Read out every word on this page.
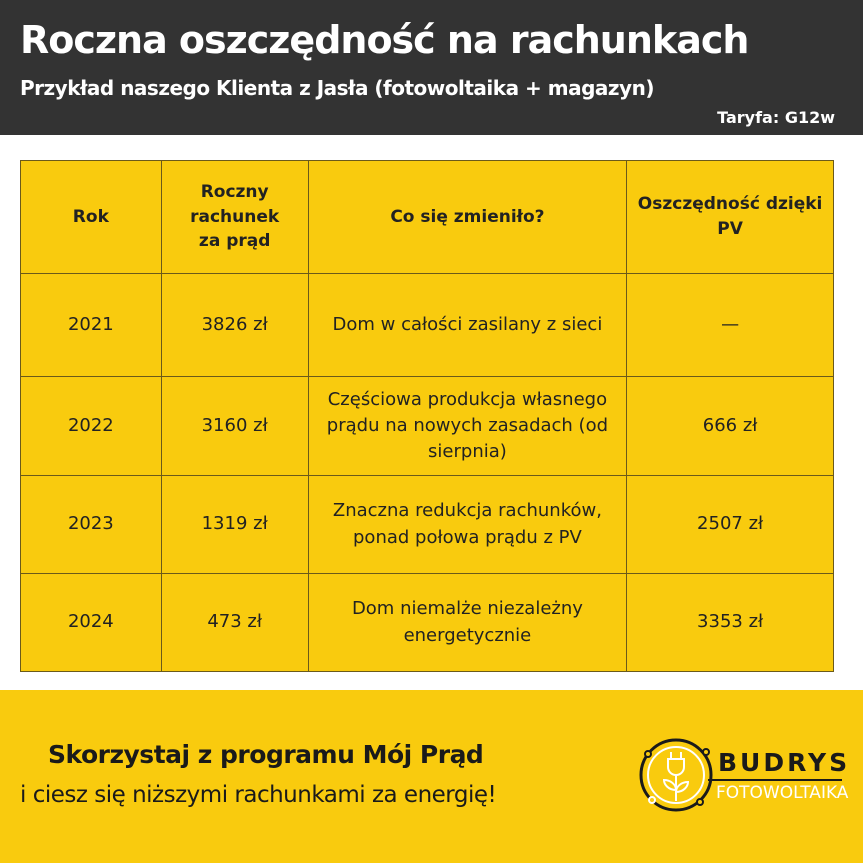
Roczna oszczędność na rachunkach
Przykład naszego Klienta z Jasła (fotowoltaika + magazyn)
Taryfa: G12w
Rok	Roczny rachunek za prąd	Co się zmieniło?	Oszczędność dzięki PV
2021	3826 zł	Dom w całości zasilany z sieci	—
2022	3160 zł	Częściowa produkcja własnego prądu na nowych zasadach (od sierpnia)	666 zł
2023	1319 zł	Znaczna redukcja rachunków, ponad połowa prądu z PV	2507 zł
2024	473 zł	Dom niemalże niezależny energetycznie	3353 zł
Skorzystaj z programu Mój Prąd
i ciesz się niższymi rachunkami za energię!
BUDRYS
FOTOWOLTAIKA
